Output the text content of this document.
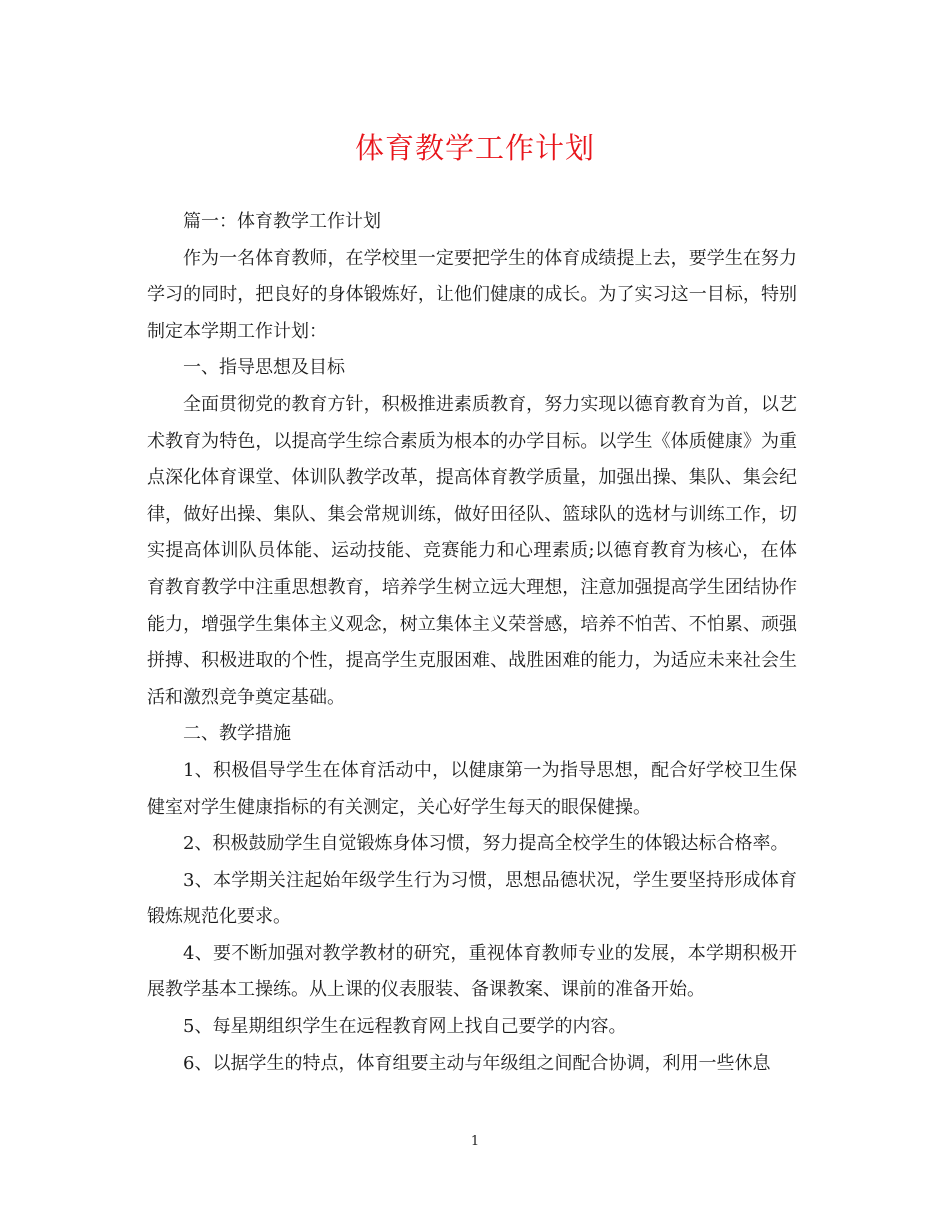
体育教学工作计划

篇一：体育教学工作计划

作为一名体育教师，在学校里一定要把学生的体育成绩提上去，要学生在努力学习的同时，把良好的身体锻炼好，让他们健康的成长。为了实习这一目标，特别制定本学期工作计划：

一、指导思想及目标

全面贯彻党的教育方针，积极推进素质教育，努力实现以德育教育为首，以艺术教育为特色，以提高学生综合素质为根本的办学目标。以学生《体质健康》为重点深化体育课堂、体训队教学改革，提高体育教学质量，加强出操、集队、集会纪律，做好出操、集队、集会常规训练，做好田径队、篮球队的选材与训练工作，切实提高体训队员体能、运动技能、竞赛能力和心理素质;以德育教育为核心，在体育教育教学中注重思想教育，培养学生树立远大理想，注意加强提高学生团结协作能力，增强学生集体主义观念，树立集体主义荣誉感，培养不怕苦、不怕累、顽强拼搏、积极进取的个性，提高学生克服困难、战胜困难的能力，为适应未来社会生活和激烈竞争奠定基础。

二、教学措施

1、积极倡导学生在体育活动中，以健康第一为指导思想，配合好学校卫生保健室对学生健康指标的有关测定，关心好学生每天的眼保健操。

2、积极鼓励学生自觉锻炼身体习惯，努力提高全校学生的体锻达标合格率。

3、本学期关注起始年级学生行为习惯，思想品德状况，学生要坚持形成体育锻炼规范化要求。

4、要不断加强对教学教材的研究，重视体育教师专业的发展，本学期积极开展教学基本工操练。从上课的仪表服装、备课教案、课前的准备开始。

5、每星期组织学生在远程教育网上找自己要学的内容。

6、以据学生的特点，体育组要主动与年级组之间配合协调，利用一些休息

1
